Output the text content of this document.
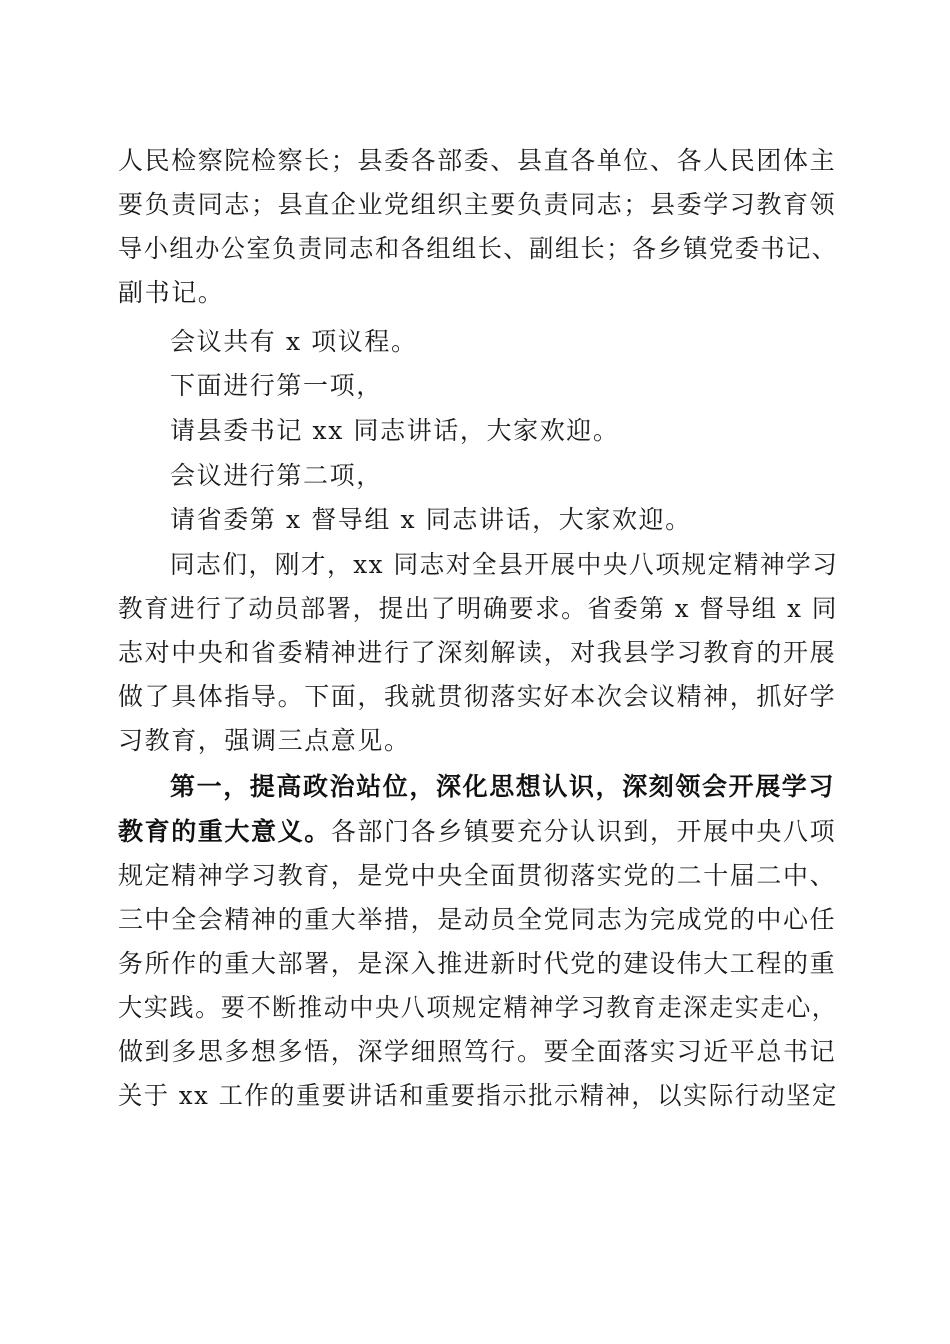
人民检察院检察长；县委各部委、县直各单位、各人民团体主
要负责同志；县直企业党组织主要负责同志；县委学习教育领
导小组办公室负责同志和各组组长、副组长；各乡镇党委书记、
副书记。
会议共有 x 项议程。
下面进行第一项，
请县委书记 xx 同志讲话，大家欢迎。
会议进行第二项，
请省委第 x 督导组 x 同志讲话，大家欢迎。
同志们，刚才，xx 同志对全县开展中央八项规定精神学习
教育进行了动员部署，提出了明确要求。省委第 x 督导组 x 同
志对中央和省委精神进行了深刻解读，对我县学习教育的开展
做了具体指导。下面，我就贯彻落实好本次会议精神，抓好学
习教育，强调三点意见。
第一，提高政治站位，深化思想认识，深刻领会开展学习
教育的重大意义。各部门各乡镇要充分认识到，开展中央八项
规定精神学习教育，是党中央全面贯彻落实党的二十届二中、
三中全会精神的重大举措，是动员全党同志为完成党的中心任
务所作的重大部署，是深入推进新时代党的建设伟大工程的重
大实践。要不断推动中央八项规定精神学习教育走深走实走心，
做到多思多想多悟，深学细照笃行。要全面落实习近平总书记
关于 xx 工作的重要讲话和重要指示批示精神，以实际行动坚定
